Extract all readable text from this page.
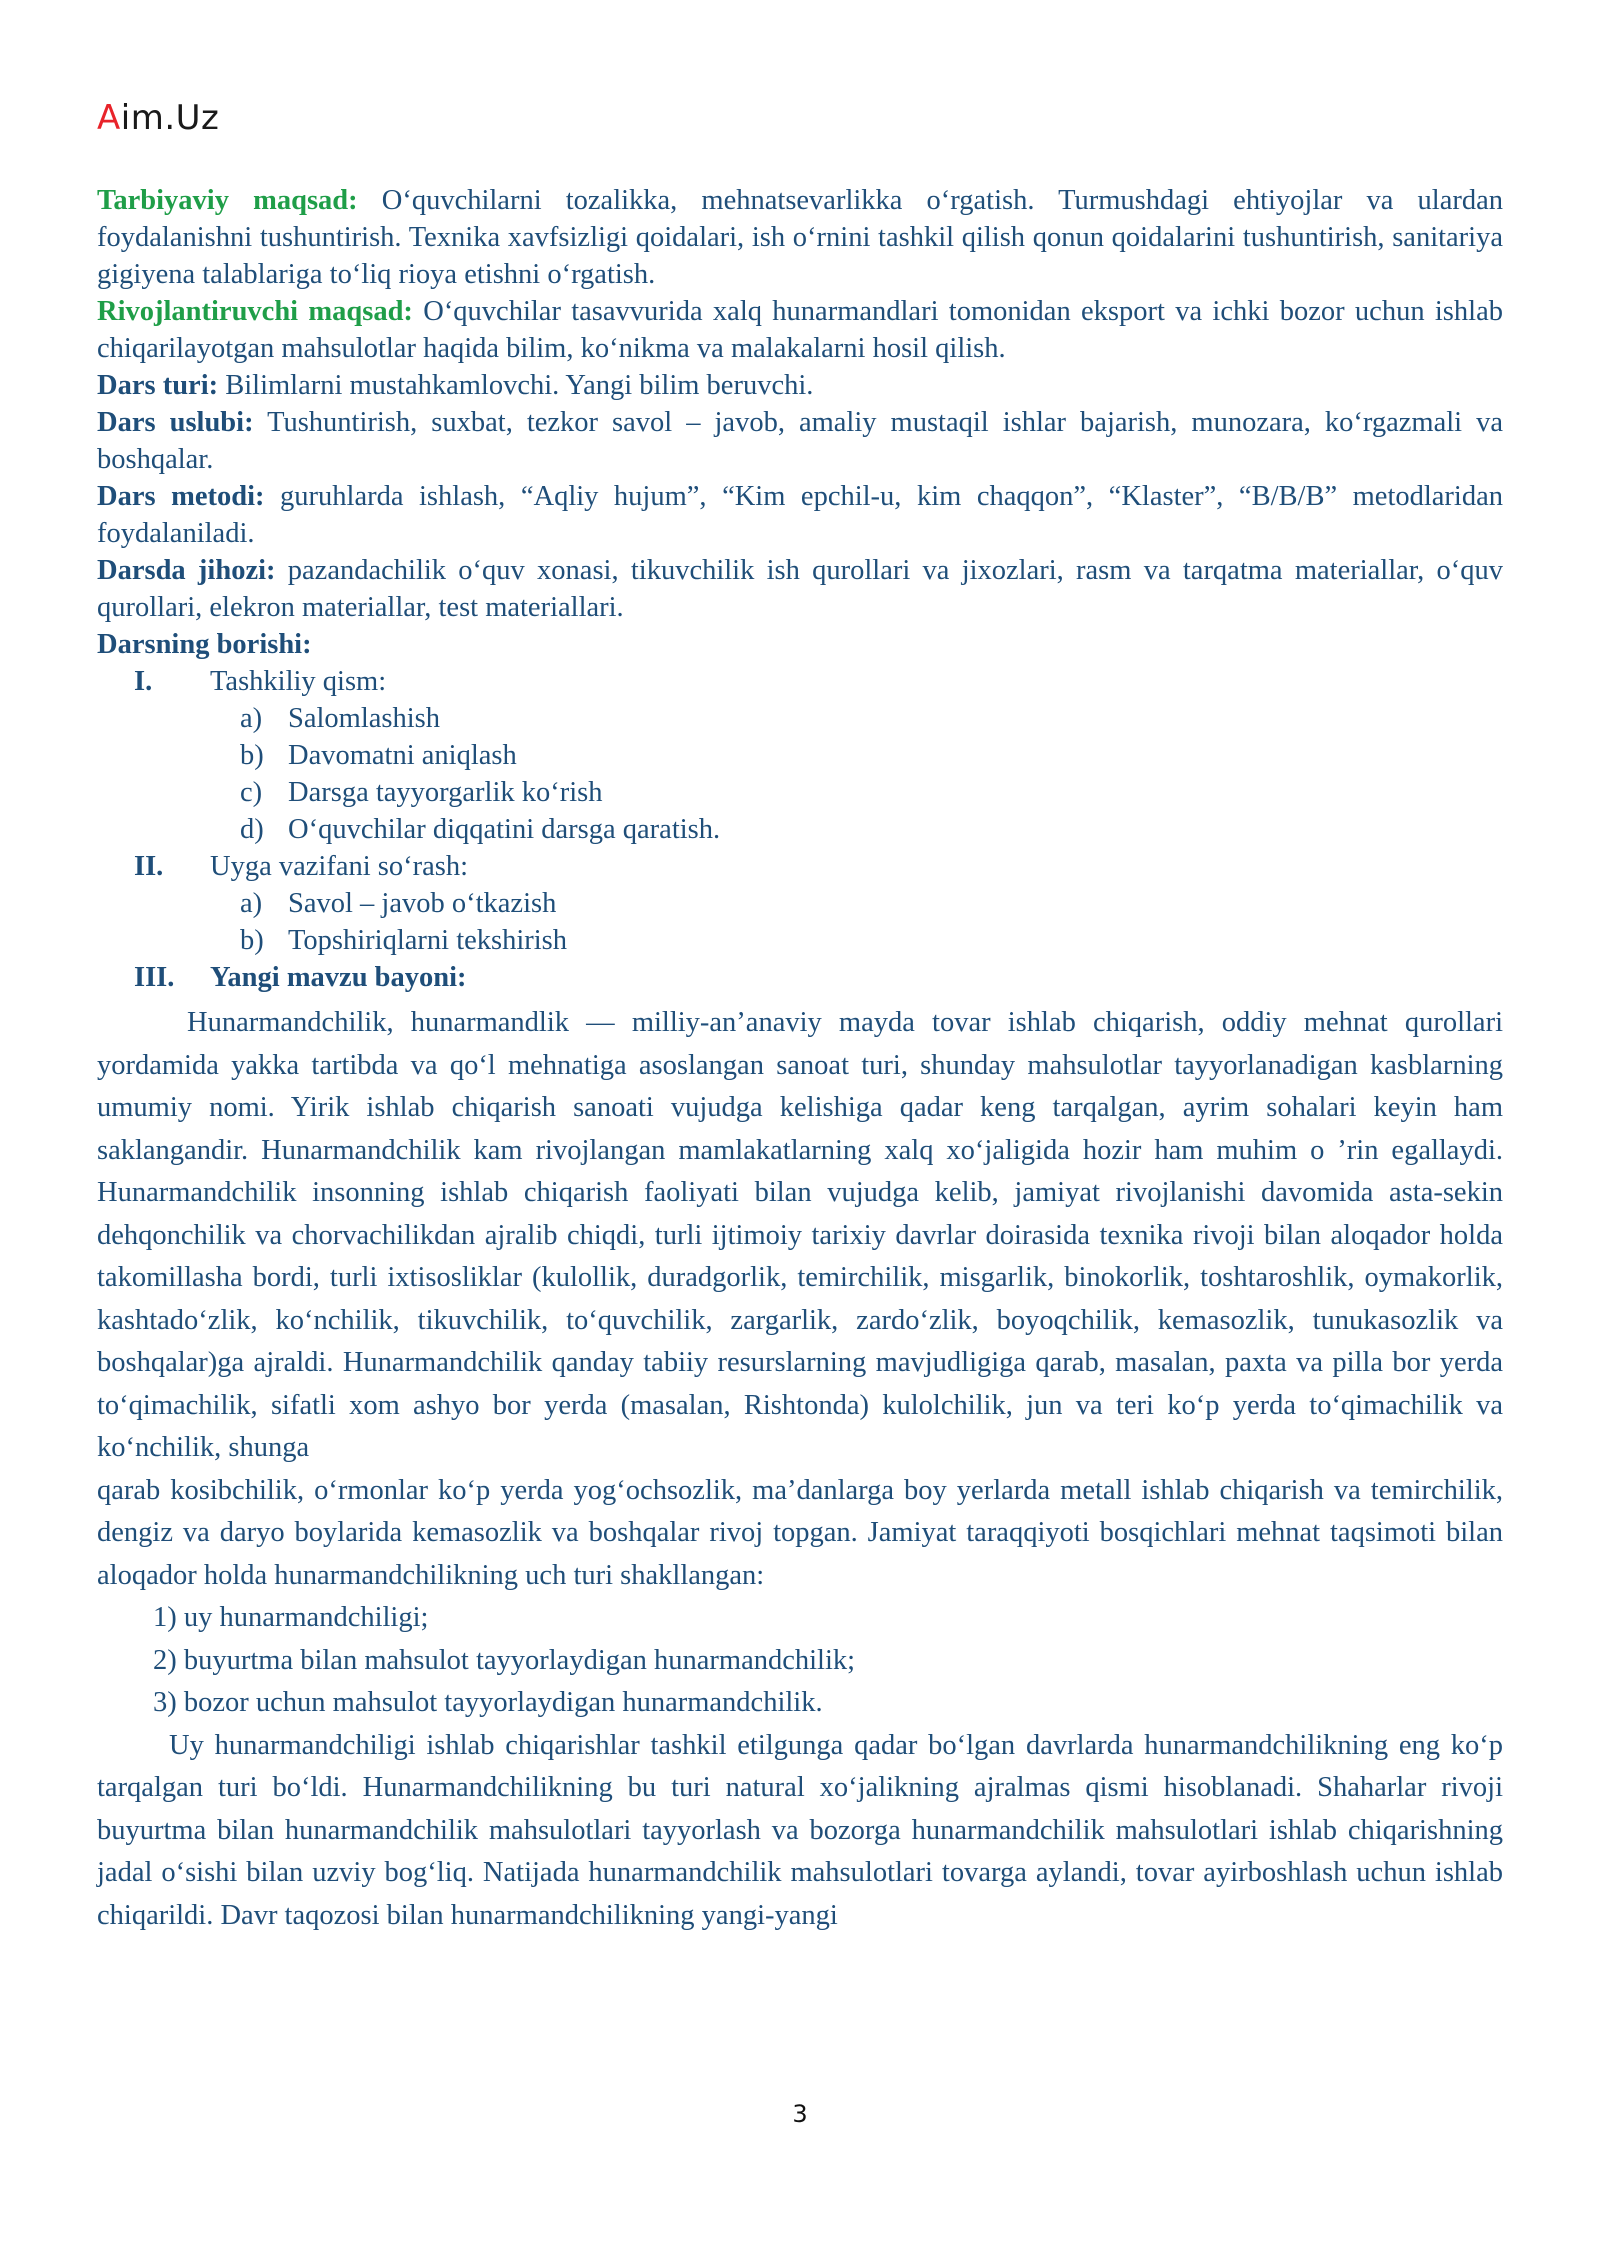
Aim.Uz

Tarbiyaviy maqsad: O‘quvchilarni tozalikka, mehnatsevarlikka o‘rgatish. Turmushdagi ehtiyojlar va ulardan foydalanishni tushuntirish. Texnika xavfsizligi qoidalari, ish o‘rnini tashkil qilish qonun qoidalarini tushuntirish, sanitariya gigiyena talablariga to‘liq rioya etishni o‘rgatish.

Rivojlantiruvchi maqsad: O‘quvchilar tasavvurida xalq hunarmandlari tomonidan eksport va ichki bozor uchun ishlab chiqarilayotgan mahsulotlar haqida bilim, ko‘nikma va malakalarni hosil qilish.

Dars turi: Bilimlarni mustahkamlovchi. Yangi bilim beruvchi.

Dars uslubi: Tushuntirish, suxbat, tezkor savol – javob, amaliy mustaqil ishlar bajarish, munozara, ko‘rgazmali va boshqalar.

Dars metodi: guruhlarda ishlash, “Aqliy hujum”, “Kim epchil-u, kim chaqqon”, “Klaster”, “B/B/B” metodlaridan foydalaniladi.

Darsda jihozi: pazandachilik o‘quv xonasi, tikuvchilik ish qurollari va jixozlari, rasm va tarqatma materiallar, o‘quv qurollari, elekron materiallar, test materiallari.

Darsning borishi:

I.	Tashkiliy qism:
a) Salomlashish
b) Davomatni aniqlash
c) Darsga tayyorgarlik ko‘rish
d) O‘quvchilar diqqatini darsga qaratish.
II.	Uyga vazifani so‘rash:
a) Savol – javob o‘tkazish
b) Topshiriqlarni tekshirish
III.	Yangi mavzu bayoni:

Hunarmandchilik, hunarmandlik — milliy-an’anaviy mayda tovar ishlab chiqarish, oddiy mehnat qurollari yordamida yakka tartibda va qo‘l mehnatiga asoslangan sanoat turi, shunday mahsulotlar tayyorlanadigan kasblarning umumiy nomi. Yirik ishlab chiqarish sanoati vujudga kelishiga qadar keng tarqalgan, ayrim sohalari keyin ham saklangandir. Hunarmandchilik kam rivojlangan mamlakatlarning xalq xo‘jaligida hozir ham muhim o ’rin egallaydi. Hunarmandchilik insonning ishlab chiqarish faoliyati bilan vujudga kelib, jamiyat rivojlanishi davomida asta-sekin dehqonchilik va chorvachilikdan ajralib chiqdi, turli ijtimoiy tarixiy davrlar doirasida texnika rivoji bilan aloqador holda takomillasha bordi, turli ixtisosliklar (kulollik, duradgorlik, temirchilik, misgarlik, binokorlik, toshtaroshlik, oymakorlik, kashtado‘zlik, ko‘nchilik, tikuvchilik, to‘quvchilik, zargarlik, zardo‘zlik, boyoqchilik, kemasozlik, tunukasozlik va boshqalar)ga ajraldi. Hunarmandchilik qanday tabiiy resurslarning mavjudligiga qarab, masalan, paxta va pilla bor yerda to‘qimachilik, sifatli xom ashyo bor yerda (masalan, Rishtonda) kulolchilik, jun va teri ko‘p yerda to‘qimachilik va ko‘nchilik, shunga

qarab kosibchilik, o‘rmonlar ko‘p yerda yog‘ochsozlik, ma’danlarga boy yerlarda metall ishlab chiqarish va temirchilik, dengiz va daryo boylarida kemasozlik va boshqalar rivoj topgan. Jamiyat taraqqiyoti bosqichlari mehnat taqsimoti bilan aloqador holda hunarmandchilikning uch turi shakllangan:

1) uy hunarmandchiligi;

2) buyurtma bilan mahsulot tayyorlaydigan hunarmandchilik;

3) bozor uchun mahsulot tayyorlaydigan hunarmandchilik.

Uy hunarmandchiligi ishlab chiqarishlar tashkil etilgunga qadar bo‘lgan davrlarda hunarmandchilikning eng ko‘p tarqalgan turi bo‘ldi. Hunarmandchilikning bu turi natural xo‘jalikning ajralmas qismi hisoblanadi. Shaharlar rivoji buyurtma bilan hunarmandchilik mahsulotlari tayyorlash va bozorga hunarmandchilik mahsulotlari ishlab chiqarishning jadal o‘sishi bilan uzviy bog‘liq. Natijada hunarmandchilik mahsulotlari tovarga aylandi, tovar ayirboshlash uchun ishlab chiqarildi. Davr taqozosi bilan hunarmandchilikning yangi-yangi

3
